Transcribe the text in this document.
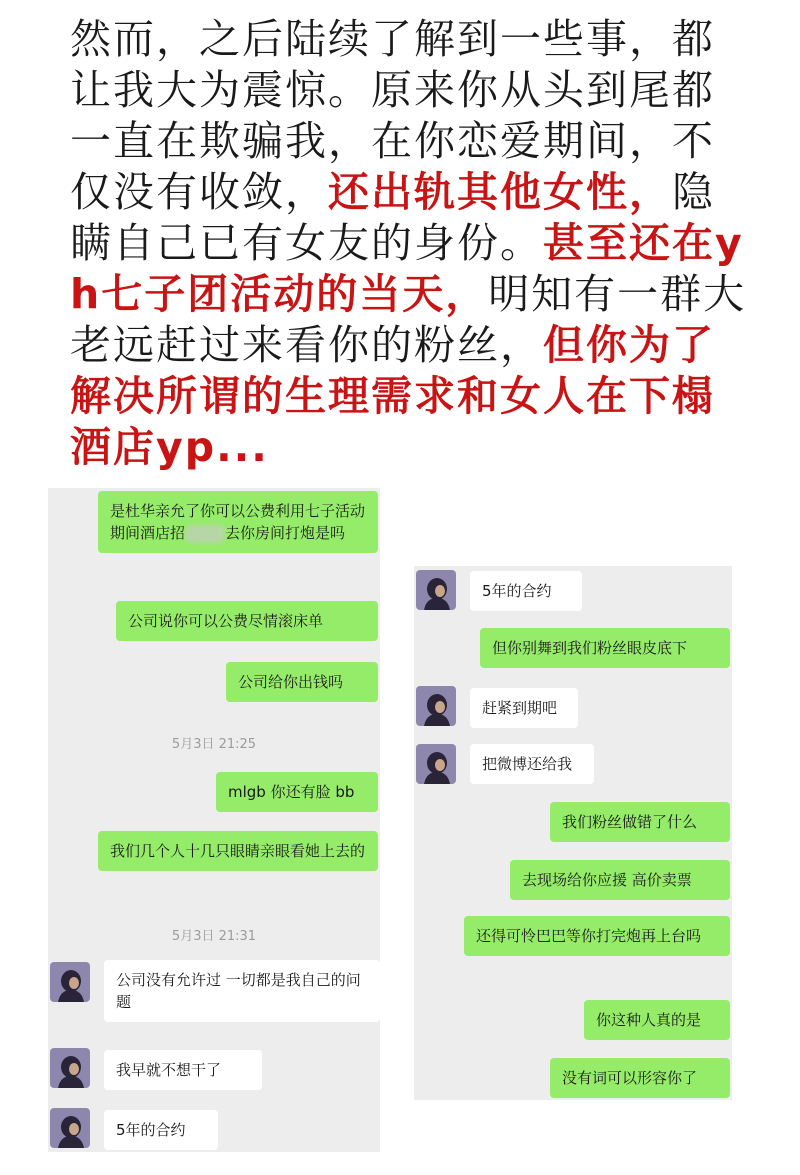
然而，之后陆续了解到一些事，都让我大为震惊。原来你从头到尾都一直在欺骗我，在你恋爱期间，不仅没有收敛，还出轨其他女性，隐瞒自己已有女友的身份。甚至还在yh七子团活动的当天，明知有一群大老远赶过来看你的粉丝，但你为了解决所谓的生理需求和女人在下榻酒店yp...
是杜华亲允了你可以公费利用七子活动期间酒店招	去你房间打炮是吗
公司说你可以公费尽情滚床单
公司给你出钱吗
5月3日 21:25
mlgb 你还有脸 bb
我们几个人十几只眼睛亲眼看她上去的
5月3日 21:31
公司没有允许过 一切都是我自己的问题
我早就不想干了
5年的合约
5年的合约
但你别舞到我们粉丝眼皮底下
赶紧到期吧
把微博还给我
我们粉丝做错了什么
去现场给你应援 高价卖票
还得可怜巴巴等你打完炮再上台吗
你这种人真的是
没有词可以形容你了
